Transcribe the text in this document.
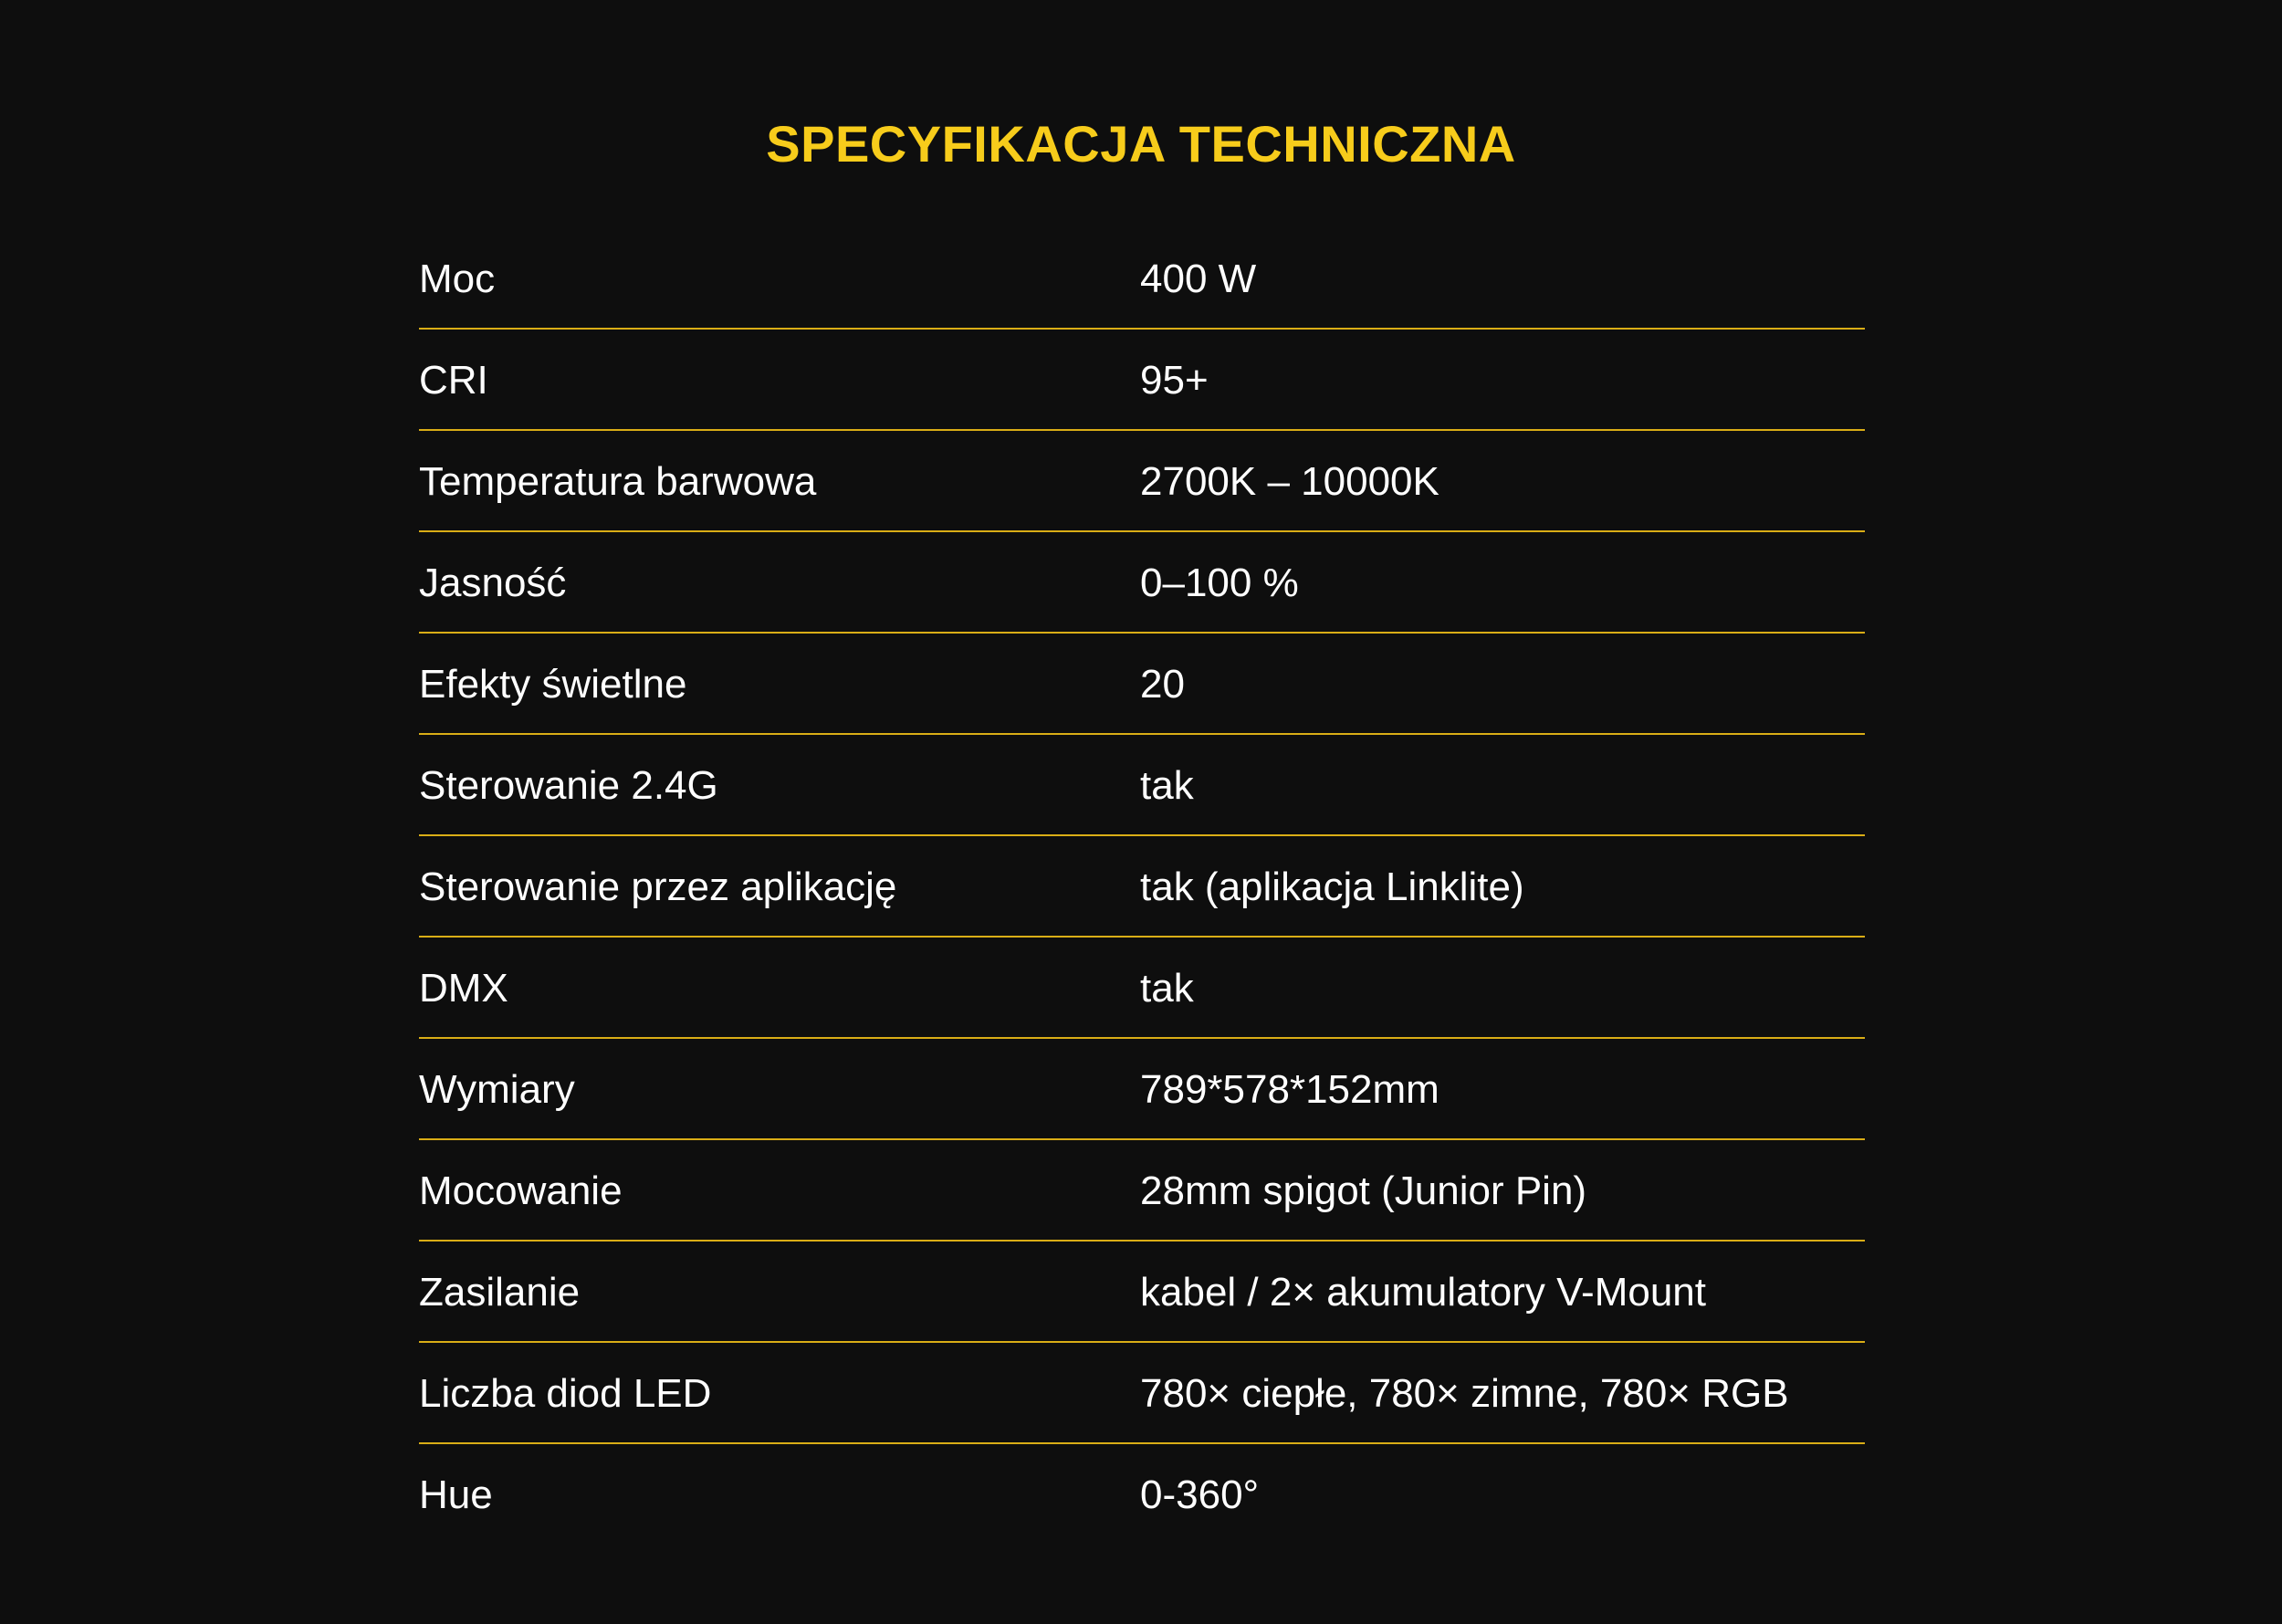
SPECYFIKACJA TECHNICZNA
Moc	400 W
CRI	95+
Temperatura barwowa	2700K – 10000K
Jasność	0–100 %
Efekty świetlne	20
Sterowanie 2.4G	tak
Sterowanie przez aplikację	tak (aplikacja Linklite)
DMX	tak
Wymiary	789*578*152mm
Mocowanie	28mm spigot (Junior Pin)
Zasilanie	kabel / 2× akumulatory V-Mount
Liczba diod LED	780× ciepłe, 780× zimne, 780× RGB
Hue	0-360°
